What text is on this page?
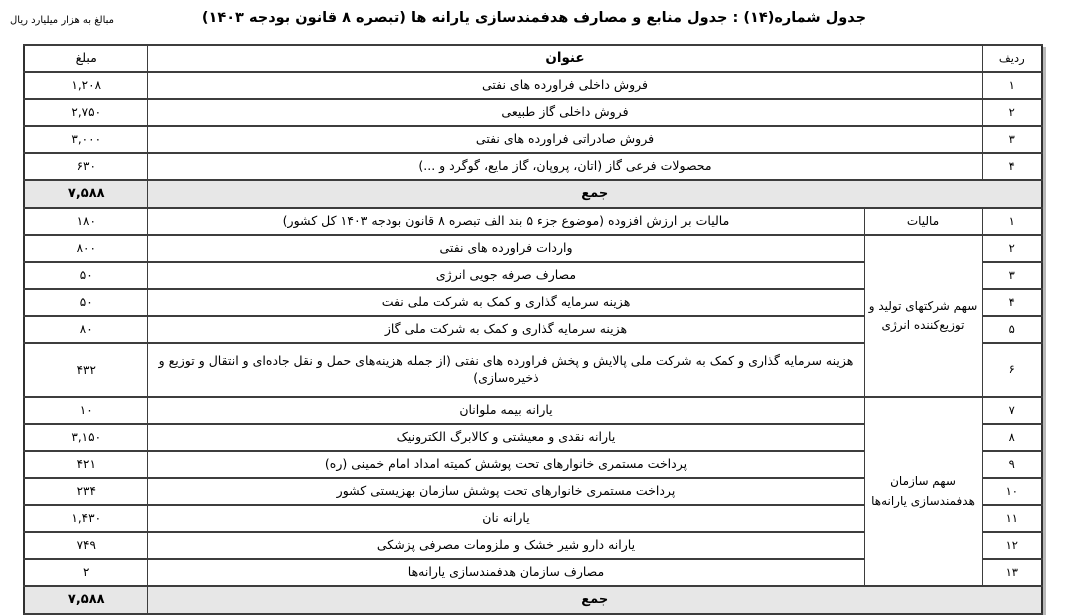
مبالغ به هزار میلیارد ریال	جدول شماره(۱۴) : جدول منابع و مصارف هدفمندسازی یارانه ها (تبصره ۸ قانون بودجه ۱۴۰۳)
ردیف	عنوان		مبلغ
۱	فروش داخلی فراورده های نفتی		۱,۲۰۸
۲	فروش داخلی گاز طبیعی		۲,۷۵۰
۳	فروش صادراتی فراورده های نفتی		۳,۰۰۰
۴	محصولات فرعی گاز (اتان، پروپان، گاز مایع، گوگرد و ...)		۶۳۰
جمع			۷,۵۸۸
۱	مالیات	مالیات بر ارزش افزوده (موضوع جزء ۵ بند الف تبصره ۸ قانون بودجه ۱۴۰۳ کل کشور)	۱۸۰
۲	سهم شرکتهای تولید و توزیع‌کننده انرژی	واردات فراورده های نفتی	۸۰۰
۳		مصارف صرفه جویی انرژی	۵۰
۴		هزینه سرمایه گذاری و کمک به شرکت ملی نفت	۵۰
۵		هزینه سرمایه گذاری و کمک به شرکت ملی گاز	۸۰
۶		هزینه سرمایه گذاری و کمک به شرکت ملی پالایش و پخش فراورده های نفتی (از جمله هزینه‌های حمل و نقل جاده‌ای و انتقال و توزیع و ذخیره‌سازی)	۴۳۲
۷	سهم سازمان هدفمندسازی یارانه‌ها	یارانه بیمه ملوانان	۱۰
۸		یارانه نقدی و معیشتی و کالابرگ الکترونیک	۳,۱۵۰
۹		پرداخت مستمری خانوارهای تحت پوشش کمیته امداد امام خمینی (ره)	۴۲۱
۱۰		پرداخت مستمری خانوارهای تحت پوشش سازمان بهزیستی کشور	۲۳۴
۱۱		یارانه نان	۱,۴۳۰
۱۲		یارانه دارو شیر خشک و ملزومات مصرفی پزشکی	۷۴۹
۱۳		مصارف سازمان هدفمندسازی یارانه‌ها	۲
جمع			۷,۵۸۸
